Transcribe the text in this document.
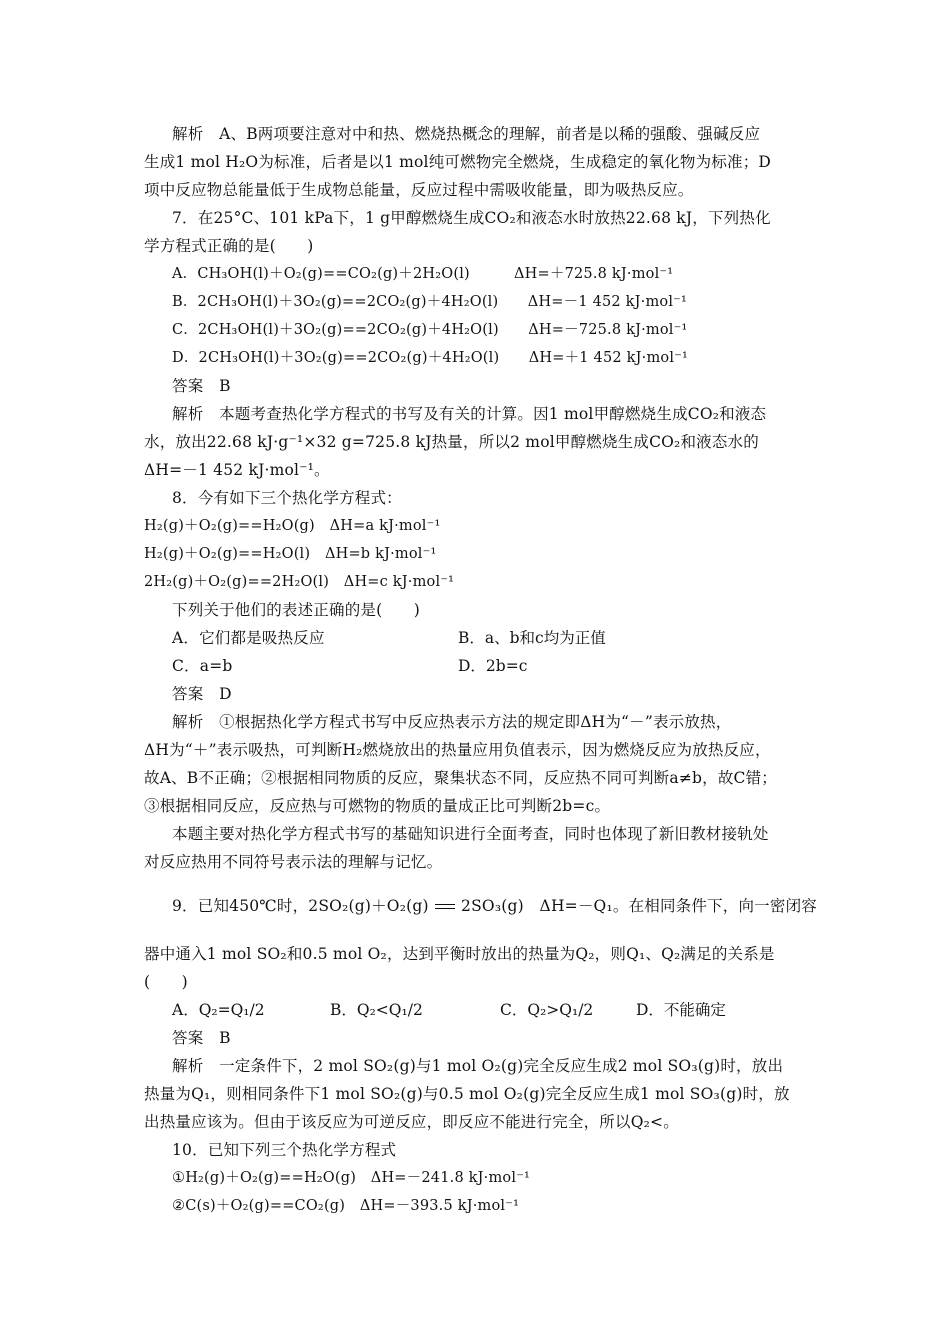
解析　A、B两项要注意对中和热、燃烧热概念的理解，前者是以稀的强酸、强碱反应
生成1 mol H₂O为标准，后者是以1 mol纯可燃物完全燃烧，生成稳定的氧化物为标准；D
项中反应物总能量低于生成物总能量，反应过程中需吸收能量，即为吸热反应。
7．在25°C、101 kPa下，1 g甲醇燃烧生成CO₂和液态水时放热22.68 kJ，下列热化
学方程式正确的是(　　)
A．CH₃OH(l)＋O₂(g)==CO₂(g)＋2H₂O(l)　　　ΔH=＋725.8 kJ·mol⁻¹
B．2CH₃OH(l)＋3O₂(g)==2CO₂(g)＋4H₂O(l)　　ΔH=－1 452 kJ·mol⁻¹
C．2CH₃OH(l)＋3O₂(g)==2CO₂(g)＋4H₂O(l)　　ΔH=－725.8 kJ·mol⁻¹
D．2CH₃OH(l)＋3O₂(g)==2CO₂(g)＋4H₂O(l)　　ΔH=＋1 452 kJ·mol⁻¹
答案　B
解析　本题考查热化学方程式的书写及有关的计算。因1 mol甲醇燃烧生成CO₂和液态
水，放出22.68 kJ·g⁻¹×32 g=725.8 kJ热量，所以2 mol甲醇燃烧生成CO₂和液态水的
ΔH=－1 452 kJ·mol⁻¹。
8．今有如下三个热化学方程式：
H₂(g)＋O₂(g)==H₂O(g)　ΔH=a kJ·mol⁻¹
H₂(g)＋O₂(g)==H₂O(l)　ΔH=b kJ·mol⁻¹
2H₂(g)＋O₂(g)==2H₂O(l)　ΔH=c kJ·mol⁻¹
下列关于他们的表述正确的是(　　)
A．它们都是吸热反应	B．a、b和c均为正值
C．a=b	D．2b=c
答案　D
解析　①根据热化学方程式书写中反应热表示方法的规定即ΔH为“－”表示放热，
ΔH为“＋”表示吸热，可判断H₂燃烧放出的热量应用负值表示，因为燃烧反应为放热反应，
故A、B不正确；②根据相同物质的反应，聚集状态不同，反应热不同可判断a≠b，故C错；
③根据相同反应，反应热与可燃物的物质的量成正比可判断2b=c。
本题主要对热化学方程式书写的基础知识进行全面考查，同时也体现了新旧教材接轨处
对反应热用不同符号表示法的理解与记忆。
9．已知450℃时，2SO₂(g)＋O₂(g) 2SO₃(g)　ΔH=－Q₁。在相同条件下，向一密闭容
器中通入1 mol SO₂和0.5 mol O₂，达到平衡时放出的热量为Q₂，则Q₁、Q₂满足的关系是
(　　)
A．Q₂=Q₁/2	B．Q₂<Q₁/2	C．Q₂>Q₁/2	D．不能确定
答案　B
解析　一定条件下，2 mol SO₂(g)与1 mol O₂(g)完全反应生成2 mol SO₃(g)时，放出
热量为Q₁，则相同条件下1 mol SO₂(g)与0.5 mol O₂(g)完全反应生成1 mol SO₃(g)时，放
出热量应该为。但由于该反应为可逆反应，即反应不能进行完全，所以Q₂<。
10．已知下列三个热化学方程式
①H₂(g)＋O₂(g)==H₂O(g)　ΔH=－241.8 kJ·mol⁻¹
②C(s)＋O₂(g)==CO₂(g)　ΔH=－393.5 kJ·mol⁻¹
